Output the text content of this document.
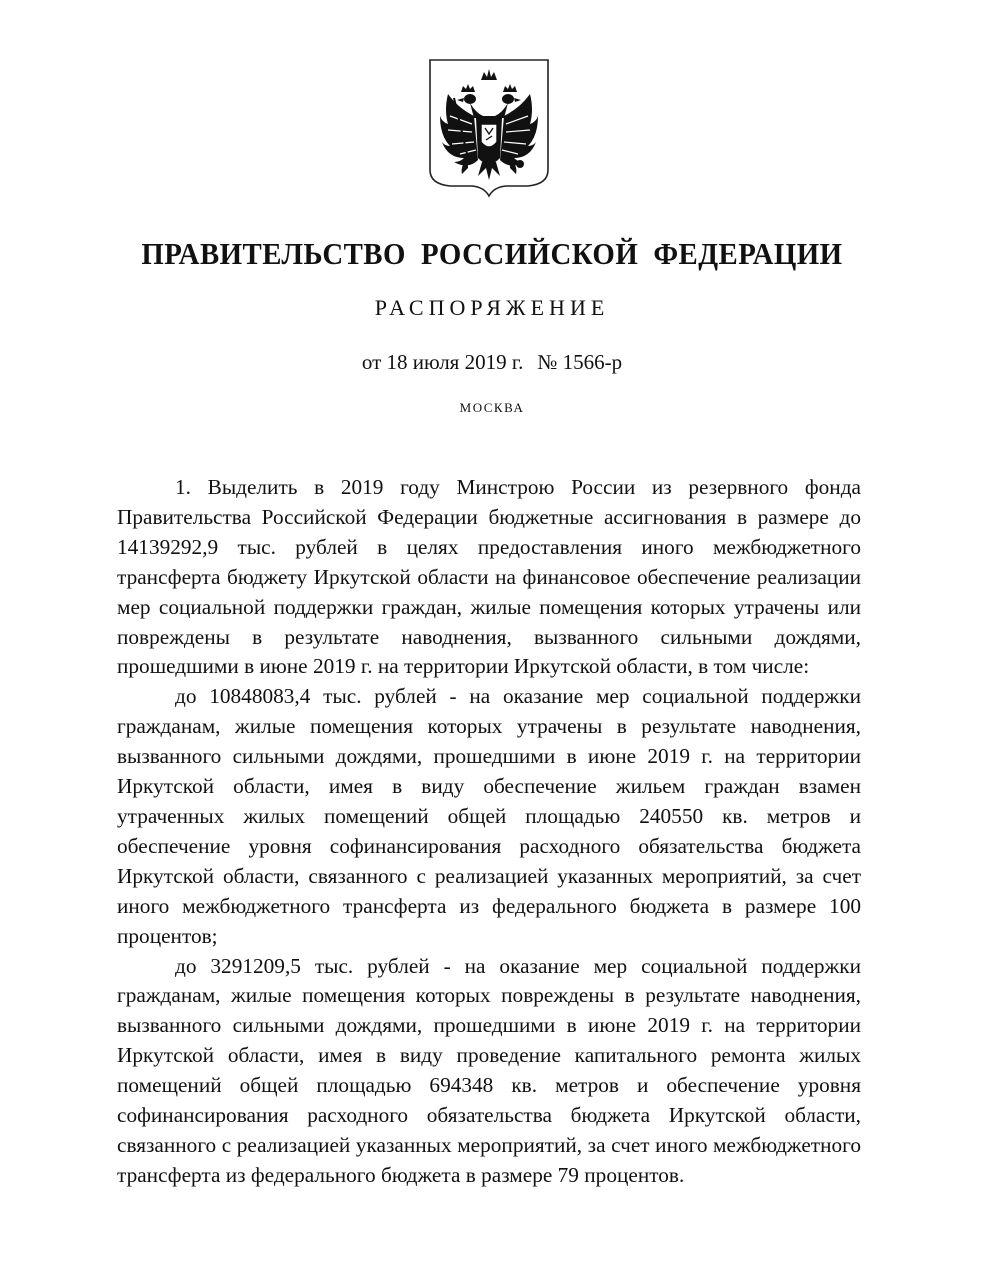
ПРАВИТЕЛЬСТВО РОССИЙСКОЙ ФЕДЕРАЦИИ
РАСПОРЯЖЕНИЕ
от 18 июля 2019 г. № 1566-р
МОСКВА

1. Выделить в 2019 году Минстрою России из резервного фонда Правительства Российской Федерации бюджетные ассигнования в размере до 14139292,9 тыс. рублей в целях предоставления иного межбюджетного трансферта бюджету Иркутской области на финансовое обеспечение реализации мер социальной поддержки граждан, жилые помещения которых утрачены или повреждены в результате наводнения, вызванного сильными дождями, прошедшими в июне 2019 г. на территории Иркутской области, в том числе:

до 10848083,4 тыс. рублей - на оказание мер социальной поддержки гражданам, жилые помещения которых утрачены в результате наводнения, вызванного сильными дождями, прошедшими в июне 2019 г. на территории Иркутской области, имея в виду обеспечение жильем граждан взамен утраченных жилых помещений общей площадью 240550 кв. метров и обеспечение уровня софинансирования расходного обязательства бюджета Иркутской области, связанного с реализацией указанных мероприятий, за счет иного межбюджетного трансферта из федерального бюджета в размере 100 процентов;

до 3291209,5 тыс. рублей - на оказание мер социальной поддержки гражданам, жилые помещения которых повреждены в результате наводнения, вызванного сильными дождями, прошедшими в июне 2019 г. на территории Иркутской области, имея в виду проведение капитального ремонта жилых помещений общей площадью 694348 кв. метров и обеспечение уровня софинансирования расходного обязательства бюджета Иркутской области, связанного с реализацией указанных мероприятий, за счет иного межбюджетного трансферта из федерального бюджета в размере 79 процентов.
